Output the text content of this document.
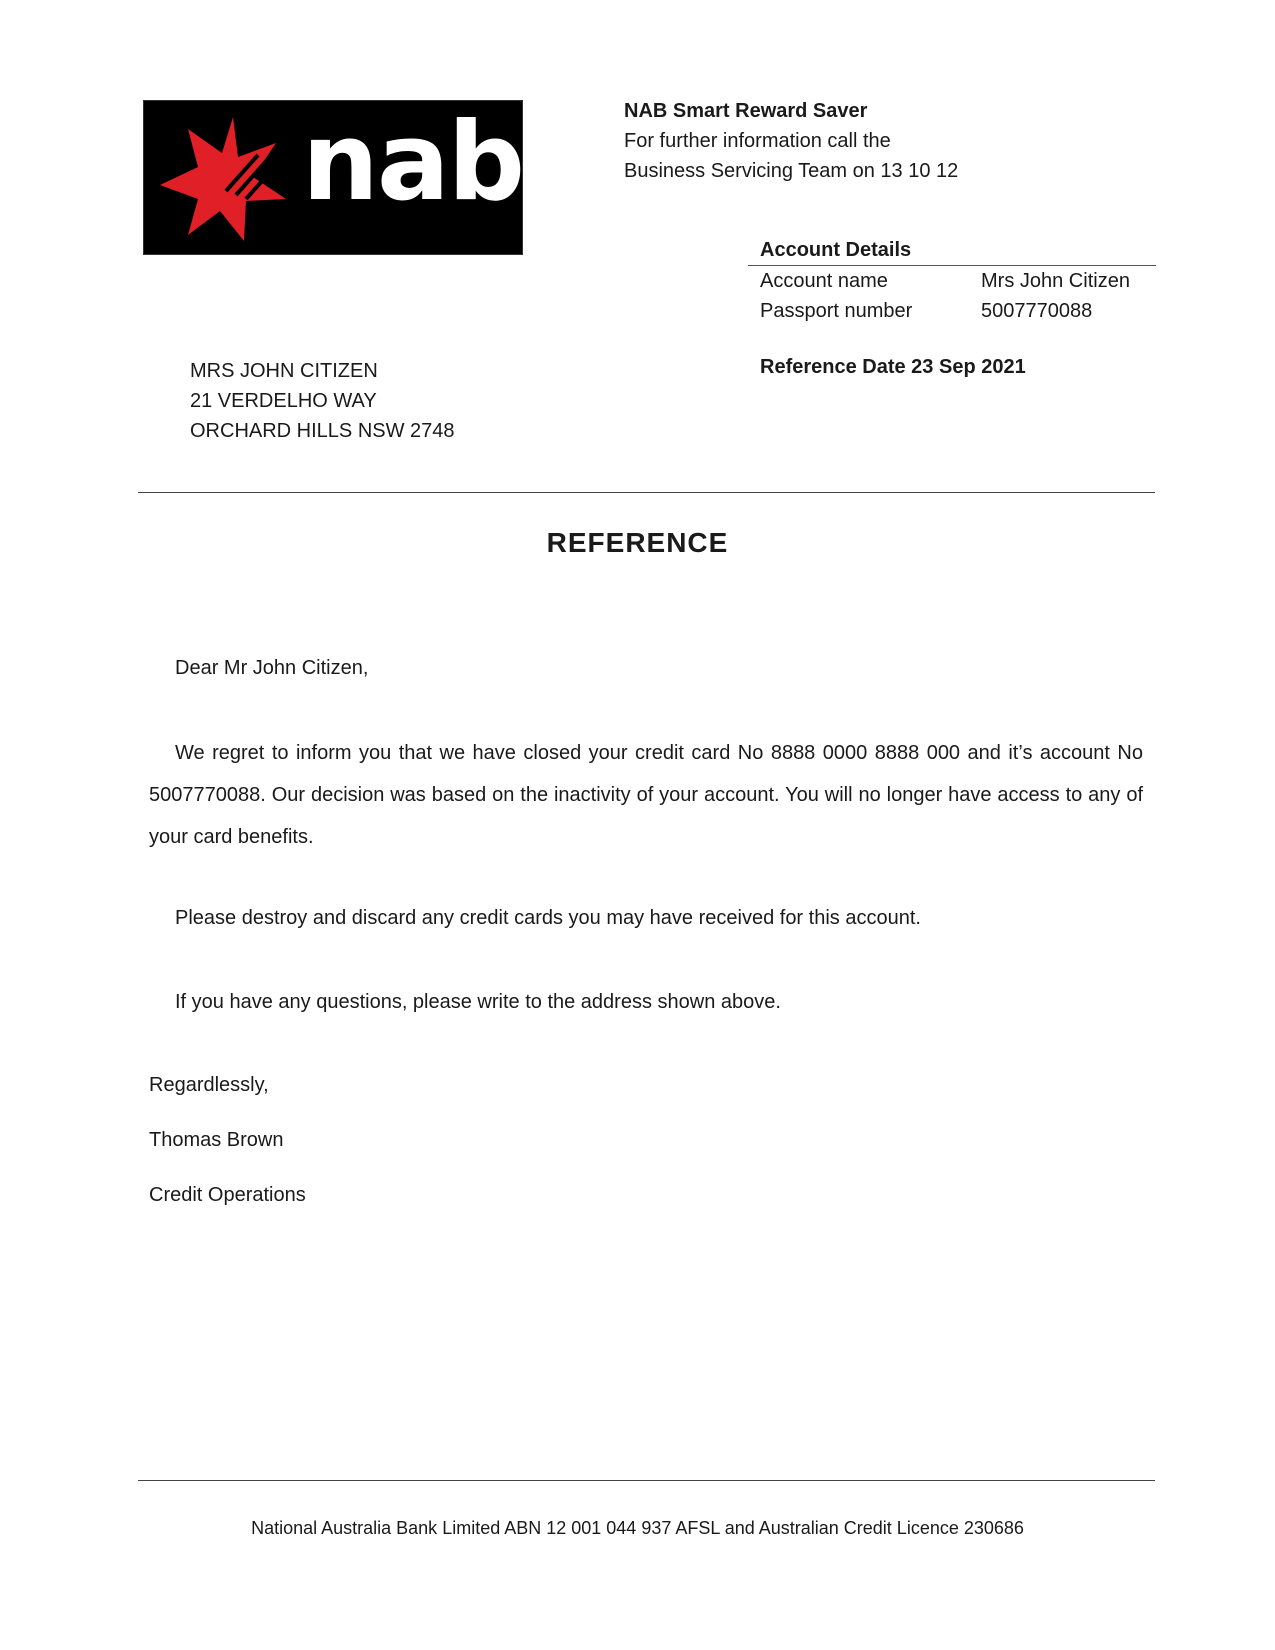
nab	NAB Smart Reward Saver
For further information call the
Business Servicing Team on 13 10 12
Account Details
Account name	Mrs John Citizen
Passport number	5007770088
Reference Date 23 Sep 2021
MRS JOHN CITIZEN
21 VERDELHO WAY
ORCHARD HILLS NSW 2748
REFERENCE
Dear Mr John Citizen,
We regret to inform you that we have closed your credit card No 8888 0000 8888 000 and it’s account No 5007770088. Our decision was based on the inactivity of your account. You will no longer have access to any of your card benefits.
Please destroy and discard any credit cards you may have received for this account.
If you have any questions, please write to the address shown above.
Regardlessly,
Thomas Brown
Credit Operations
National Australia Bank Limited ABN 12 001 044 937 AFSL and Australian Credit Licence 230686
